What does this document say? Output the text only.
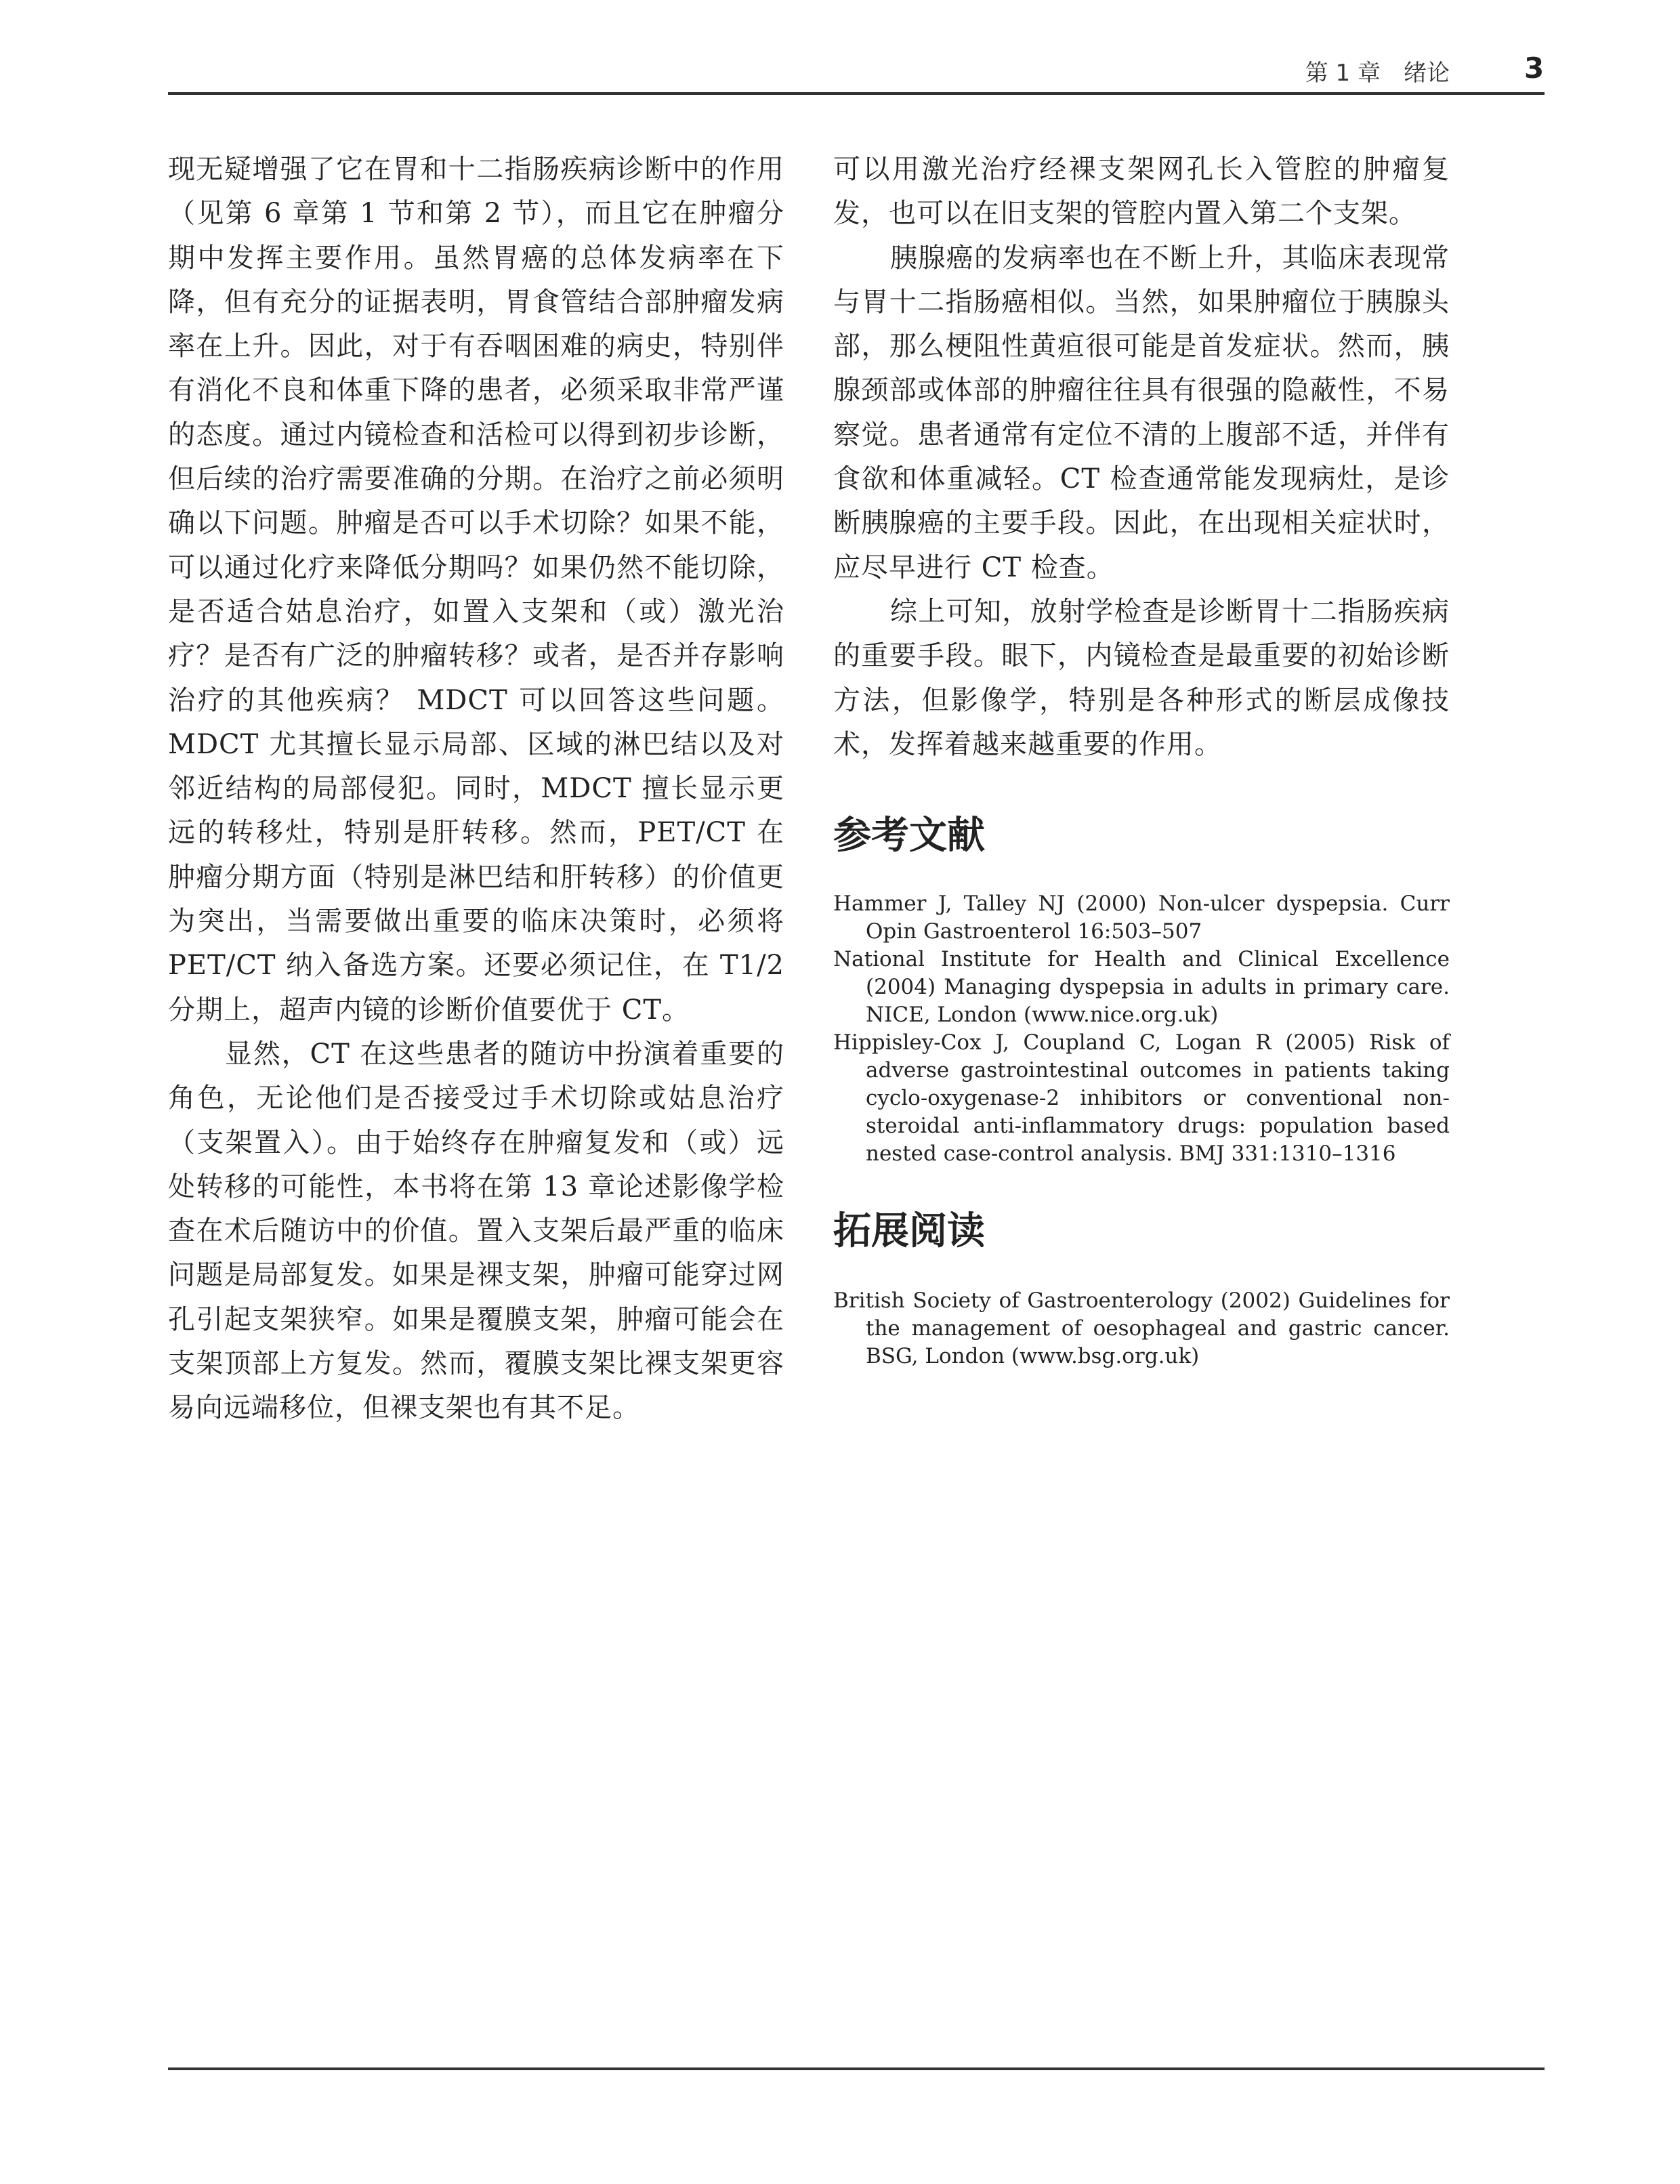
第 1 章　绪论	3

现无疑增强了它在胃和十二指肠疾病诊断中的作用（见第 6 章第 1 节和第 2 节），而且它在肿瘤分期中发挥主要作用。虽然胃癌的总体发病率在下降，但有充分的证据表明，胃食管结合部肿瘤发病率在上升。因此，对于有吞咽困难的病史，特别伴有消化不良和体重下降的患者，必须采取非常严谨的态度。通过内镜检查和活检可以得到初步诊断，但后续的治疗需要准确的分期。在治疗之前必须明确以下问题。肿瘤是否可以手术切除？如果不能，可以通过化疗来降低分期吗？如果仍然不能切除，是否适合姑息治疗，如置入支架和（或）激光治疗？是否有广泛的肿瘤转移？或者，是否并存影响治疗的其他疾病？ MDCT 可以回答这些问题。MDCT 尤其擅长显示局部、区域的淋巴结以及对邻近结构的局部侵犯。同时，MDCT 擅长显示更远的转移灶，特别是肝转移。然而，PET/CT 在肿瘤分期方面（特别是淋巴结和肝转移）的价值更为突出，当需要做出重要的临床决策时，必须将 PET/CT 纳入备选方案。还要必须记住，在 T1/2 分期上，超声内镜的诊断价值要优于 CT。

显然，CT 在这些患者的随访中扮演着重要的角色，无论他们是否接受过手术切除或姑息治疗（支架置入）。由于始终存在肿瘤复发和（或）远处转移的可能性，本书将在第 13 章论述影像学检查在术后随访中的价值。置入支架后最严重的临床问题是局部复发。如果是裸支架，肿瘤可能穿过网孔引起支架狭窄。如果是覆膜支架，肿瘤可能会在支架顶部上方复发。然而，覆膜支架比裸支架更容易向远端移位，但裸支架也有其不足。

可以用激光治疗经裸支架网孔长入管腔的肿瘤复发，也可以在旧支架的管腔内置入第二个支架。

胰腺癌的发病率也在不断上升，其临床表现常与胃十二指肠癌相似。当然，如果肿瘤位于胰腺头部，那么梗阻性黄疸很可能是首发症状。然而，胰腺颈部或体部的肿瘤往往具有很强的隐蔽性，不易察觉。患者通常有定位不清的上腹部不适，并伴有食欲和体重减轻。CT 检查通常能发现病灶，是诊断胰腺癌的主要手段。因此，在出现相关症状时，应尽早进行 CT 检查。

综上可知，放射学检查是诊断胃十二指肠疾病的重要手段。眼下，内镜检查是最重要的初始诊断方法，但影像学，特别是各种形式的断层成像技术，发挥着越来越重要的作用。

参考文献
Hammer J, Talley NJ (2000) Non-ulcer dyspepsia. Curr Opin Gastroenterol 16:503–507
National Institute for Health and Clinical Excellence (2004) Managing dyspepsia in adults in primary care. NICE, London (www.nice.org.uk)
Hippisley-Cox J, Coupland C, Logan R (2005) Risk of adverse gastrointestinal outcomes in patients taking cyclo-oxygenase-2 inhibitors or conventional non-steroidal anti-inflammatory drugs: population based nested case-control analysis. BMJ 331:1310–1316
拓展阅读
British Society of Gastroenterology (2002) Guidelines for the management of oesophageal and gastric cancer. BSG, London (www.bsg.org.uk)
